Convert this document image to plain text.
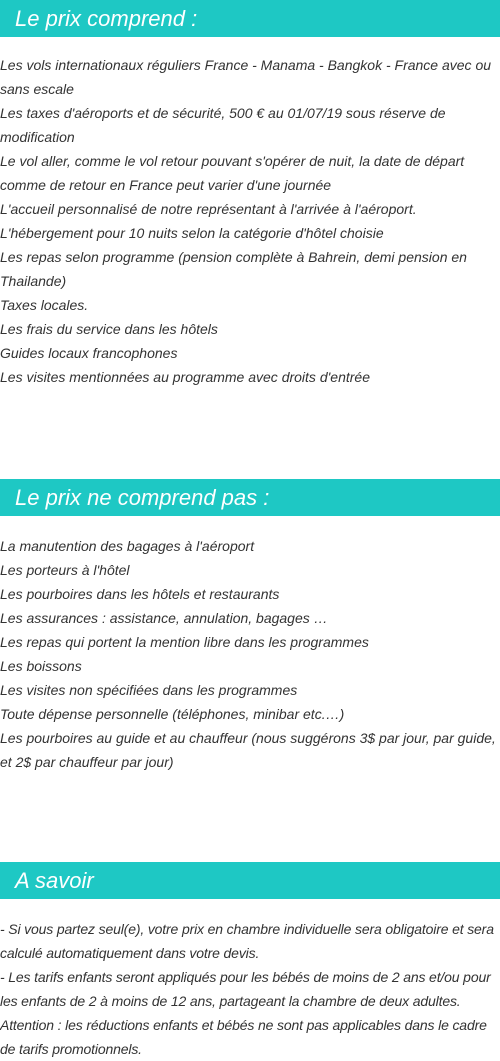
Le prix comprend :
Les vols internationaux réguliers France - Manama - Bangkok - France avec ou sans escale
Les taxes d'aéroports et de sécurité, 500 € au 01/07/19 sous réserve de modification
Le vol aller, comme le vol retour pouvant s'opérer de nuit, la date de départ comme de retour en France peut varier d'une journée
L'accueil personnalisé de notre représentant à l'arrivée à l'aéroport.
L'hébergement pour 10 nuits selon la catégorie d'hôtel choisie
Les repas selon programme (pension complète à Bahrein, demi pension en Thailande)
Taxes locales.
Les frais du service dans les hôtels
Guides locaux francophones
Les visites mentionnées au programme avec droits d'entrée
Le prix ne comprend pas :
La manutention des bagages à l'aéroport
Les porteurs à l'hôtel
Les pourboires dans les hôtels et restaurants
Les assurances : assistance, annulation, bagages …
Les repas qui portent la mention libre dans les programmes
Les boissons
Les visites non spécifiées dans les programmes
Toute dépense personnelle (téléphones, minibar etc.…)
Les pourboires au guide et au chauffeur (nous suggérons 3$ par jour, par guide, et 2$ par chauffeur par jour)
A savoir
- Si vous partez seul(e), votre prix en chambre individuelle sera obligatoire et sera calculé automatiquement dans votre devis.
- Les tarifs enfants seront appliqués pour les bébés de moins de 2 ans et/ou pour les enfants de 2 à moins de 12 ans, partageant la chambre de deux adultes.
Attention : les réductions enfants et bébés ne sont pas applicables dans le cadre de tarifs promotionnels.
